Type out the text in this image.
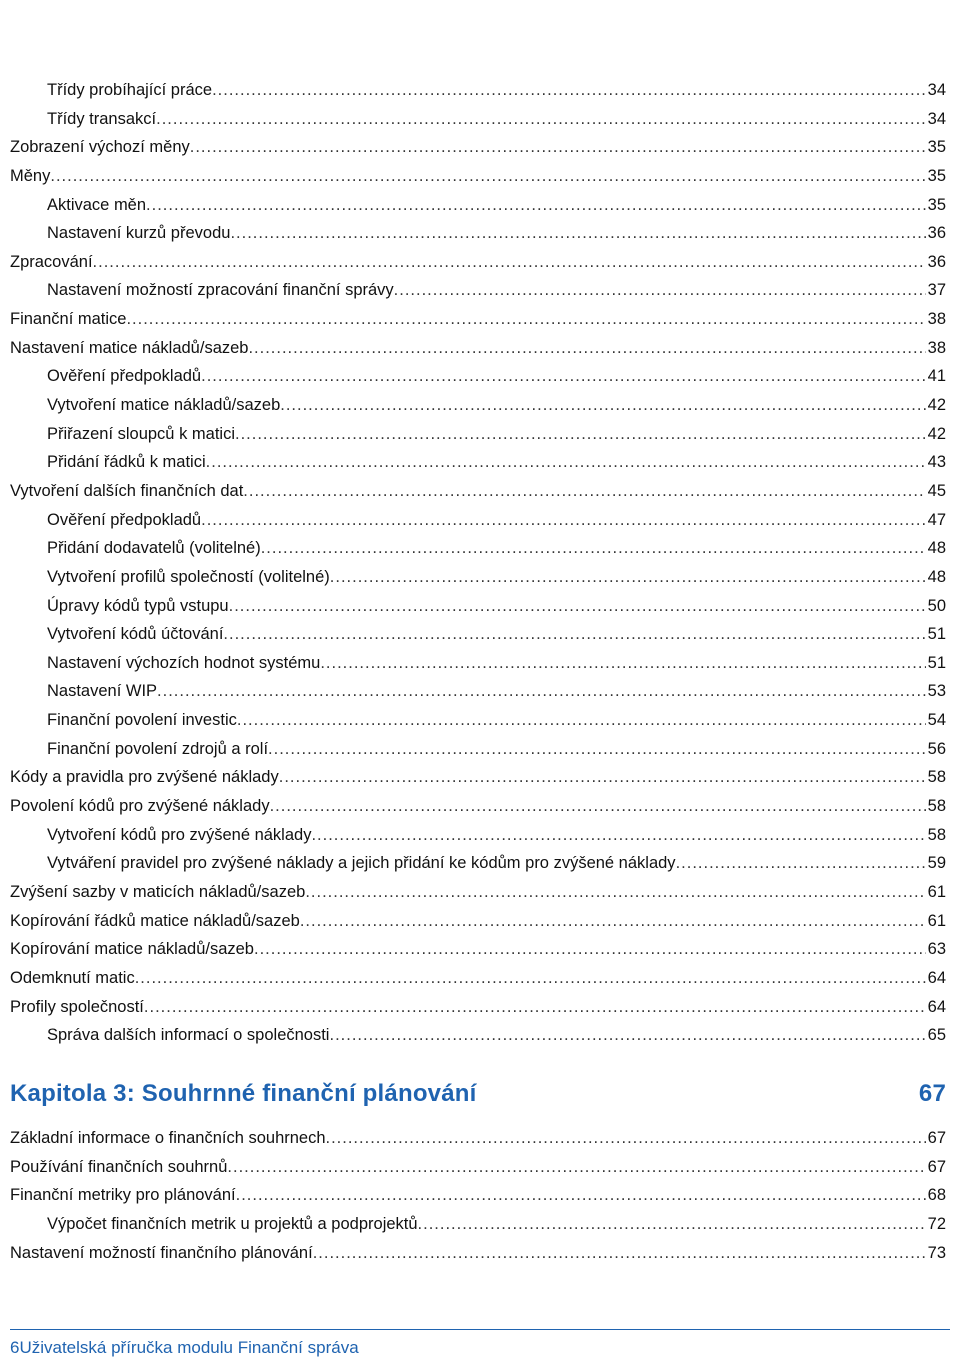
Třídy probíhající práce .....	34
Třídy transakcí .....	34
Zobrazení výchozí měny .....	35
Měny .....	35
Aktivace měn .....	35
Nastavení kurzů převodu .....	36
Zpracování .....	36
Nastavení možností zpracování finanční správy .....	37
Finanční matice .....	38
Nastavení matice nákladů/sazeb .....	38
Ověření předpokladů .....	41
Vytvoření matice nákladů/sazeb .....	42
Přiřazení sloupců k matici .....	42
Přidání řádků k matici .....	43
Vytvoření dalších finančních dat .....	45
Ověření předpokladů .....	47
Přidání dodavatelů (volitelné) .....	48
Vytvoření profilů společností (volitelné) .....	48
Úpravy kódů typů vstupu .....	50
Vytvoření kódů účtování .....	51
Nastavení výchozích hodnot systému .....	51
Nastavení WIP .....	53
Finanční povolení investic .....	54
Finanční povolení zdrojů a rolí .....	56
Kódy a pravidla pro zvýšené náklady .....	58
Povolení kódů pro zvýšené náklady .....	58
Vytvoření kódů pro zvýšené náklady .....	58
Vytváření pravidel pro zvýšené náklady a jejich přidání ke kódům pro zvýšené náklady .....	59
Zvýšení sazby v maticích nákladů/sazeb .....	61
Kopírování řádků matice nákladů/sazeb .....	61
Kopírování matice nákladů/sazeb .....	63
Odemknutí matic .....	64
Profily společností .....	64
Správa dalších informací o společnosti .....	65
Kapitola 3: Souhrnné finanční plánování	67
Základní informace o finančních souhrnech .....	67
Používání finančních souhrnů .....	67
Finanční metriky pro plánování .....	68
Výpočet finančních metrik u projektů a podprojektů .....	72
Nastavení možností finančního plánování .....	73
6Uživatelská příručka modulu Finanční správa
